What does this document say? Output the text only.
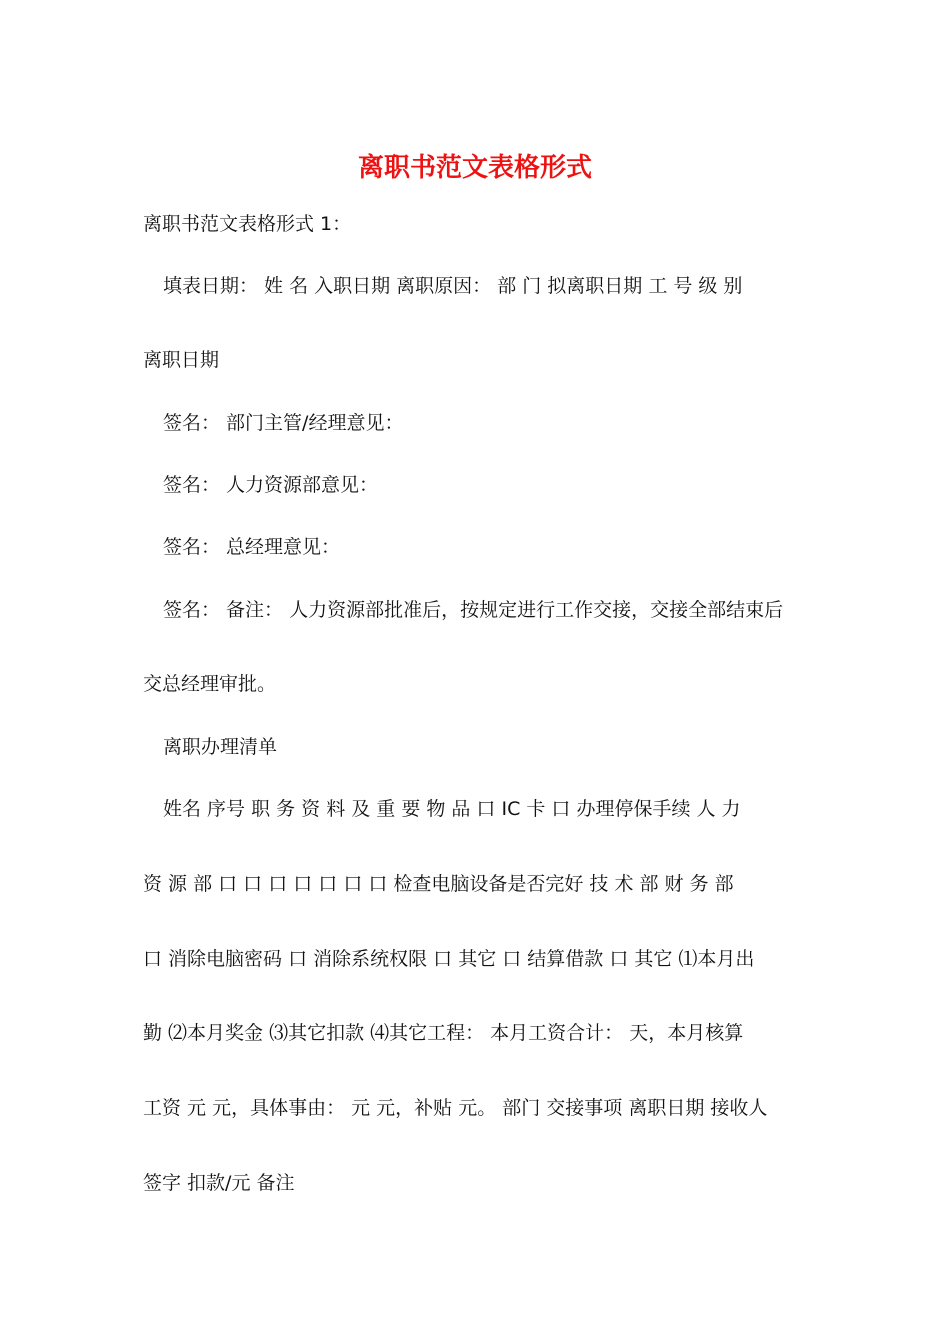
离职书范文表格形式
离职书范文表格形式 1：
填表日期： 姓 名 入职日期 离职原因： 部 门 拟离职日期 工 号 级 别
离职日期
签名： 部门主管/经理意见：
签名： 人力资源部意见：
签名： 总经理意见：
签名： 备注： 人力资源部批准后，按规定进行工作交接，交接全部结束后
交总经理审批。
离职办理清单
姓名 序号 职 务 资 料 及 重 要 物 品 口 IC 卡 口 办理停保手续 人 力
资 源 部 口 口 口 口 口 口 口 检查电脑设备是否完好 技 术 部 财 务 部
口 消除电脑密码 口 消除系统权限 口 其它 口 结算借款 口 其它 ⑴本月出
勤 ⑵本月奖金 ⑶其它扣款 ⑷其它工程： 本月工资合计： 天，本月核算
工资 元 元，具体事由： 元 元，补贴 元。 部门 交接事项 离职日期 接收人
签字 扣款/元 备注
